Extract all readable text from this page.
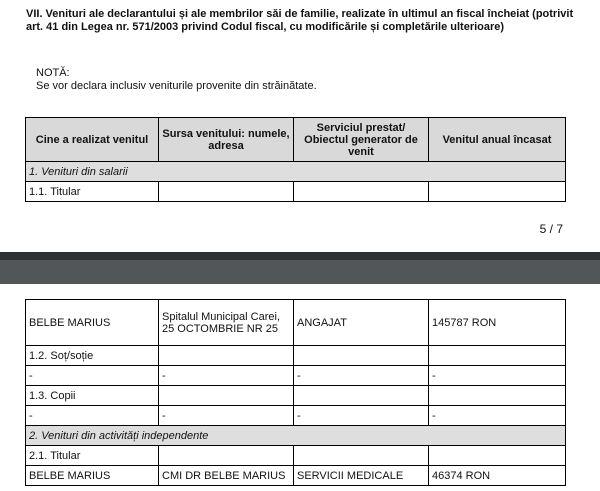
VII. Venituri ale declarantului și ale membrilor săi de familie, realizate în ultimul an fiscal încheiat (potrivit art. 41 din Legea nr. 571/2003 privind Codul fiscal, cu modificările și completările ulterioare)
NOTĂ:
Se vor declara inclusiv veniturile provenite din străinătate.
Cine a realizat venitul	Sursa venitului: numele, adresa	Serviciul prestat/ Obiectul generator de venit	Venitul anual încasat
1. Venituri din salarii			
1.1. Titular			
5 / 7
BELBE MARIUS	Spitalul Municipal Carei, 25 OCTOMBRIE NR 25	ANGAJAT	145787 RON
1.2. Soț/soție			
-	-	-	-
1.3. Copii			
-	-	-	-
2. Venituri din activități independente			
2.1. Titular			
BELBE MARIUS	CMI DR BELBE MARIUS	SERVICII MEDICALE	46374 RON
